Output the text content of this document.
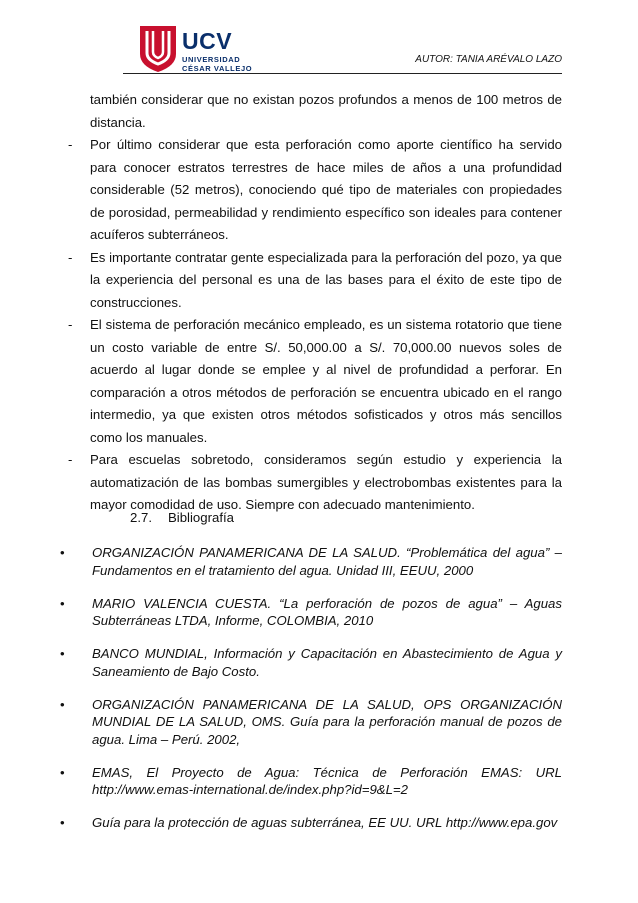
UCV
UNIVERSIDAD
CÉSAR VALLEJO
AUTOR: TANIA ARÉVALO LAZO
también considerar que no existan pozos profundos a menos de 100 metros de distancia.
- Por último considerar que esta perforación como aporte científico ha servido para conocer estratos terrestres de hace miles de años a una profundidad considerable (52 metros), conociendo qué tipo de materiales con propiedades de porosidad, permeabilidad y rendimiento específico son ideales para contener acuíferos subterráneos.
- Es importante contratar gente especializada para la perforación del pozo, ya que la experiencia del personal es una de las bases para el éxito de este tipo de construcciones.
- El sistema de perforación mecánico empleado, es un sistema rotatorio que tiene un costo variable de entre S/. 50,000.00 a S/. 70,000.00 nuevos soles de acuerdo al lugar donde se emplee y al nivel de profundidad a perforar. En comparación a otros métodos de perforación se encuentra ubicado en el rango intermedio, ya que existen otros métodos sofisticados y otros más sencillos como los manuales.
- Para escuelas sobretodo, consideramos según estudio y experiencia la automatización de las bombas sumergibles y electrobombas existentes para la mayor comodidad de uso. Siempre con adecuado mantenimiento.
2.7. Bibliografía
• ORGANIZACIÓN PANAMERICANA DE LA SALUD. “Problemática del agua” – Fundamentos en el tratamiento del agua. Unidad III, EEUU, 2000
• MARIO VALENCIA CUESTA. “La perforación de pozos de agua” – Aguas Subterráneas LTDA, Informe, COLOMBIA, 2010
• BANCO MUNDIAL, Información y Capacitación en Abastecimiento de Agua y Saneamiento de Bajo Costo.
• ORGANIZACIÓN PANAMERICANA DE LA SALUD, OPS ORGANIZACIÓN MUNDIAL DE LA SALUD, OMS. Guía para la perforación manual de pozos de agua. Lima – Perú. 2002,
• EMAS, El Proyecto de Agua: Técnica de Perforación EMAS: URL http://www.emas-international.de/index.php?id=9&L=2
• Guía para la protección de aguas subterránea, EE UU. URL http://www.epa.gov
